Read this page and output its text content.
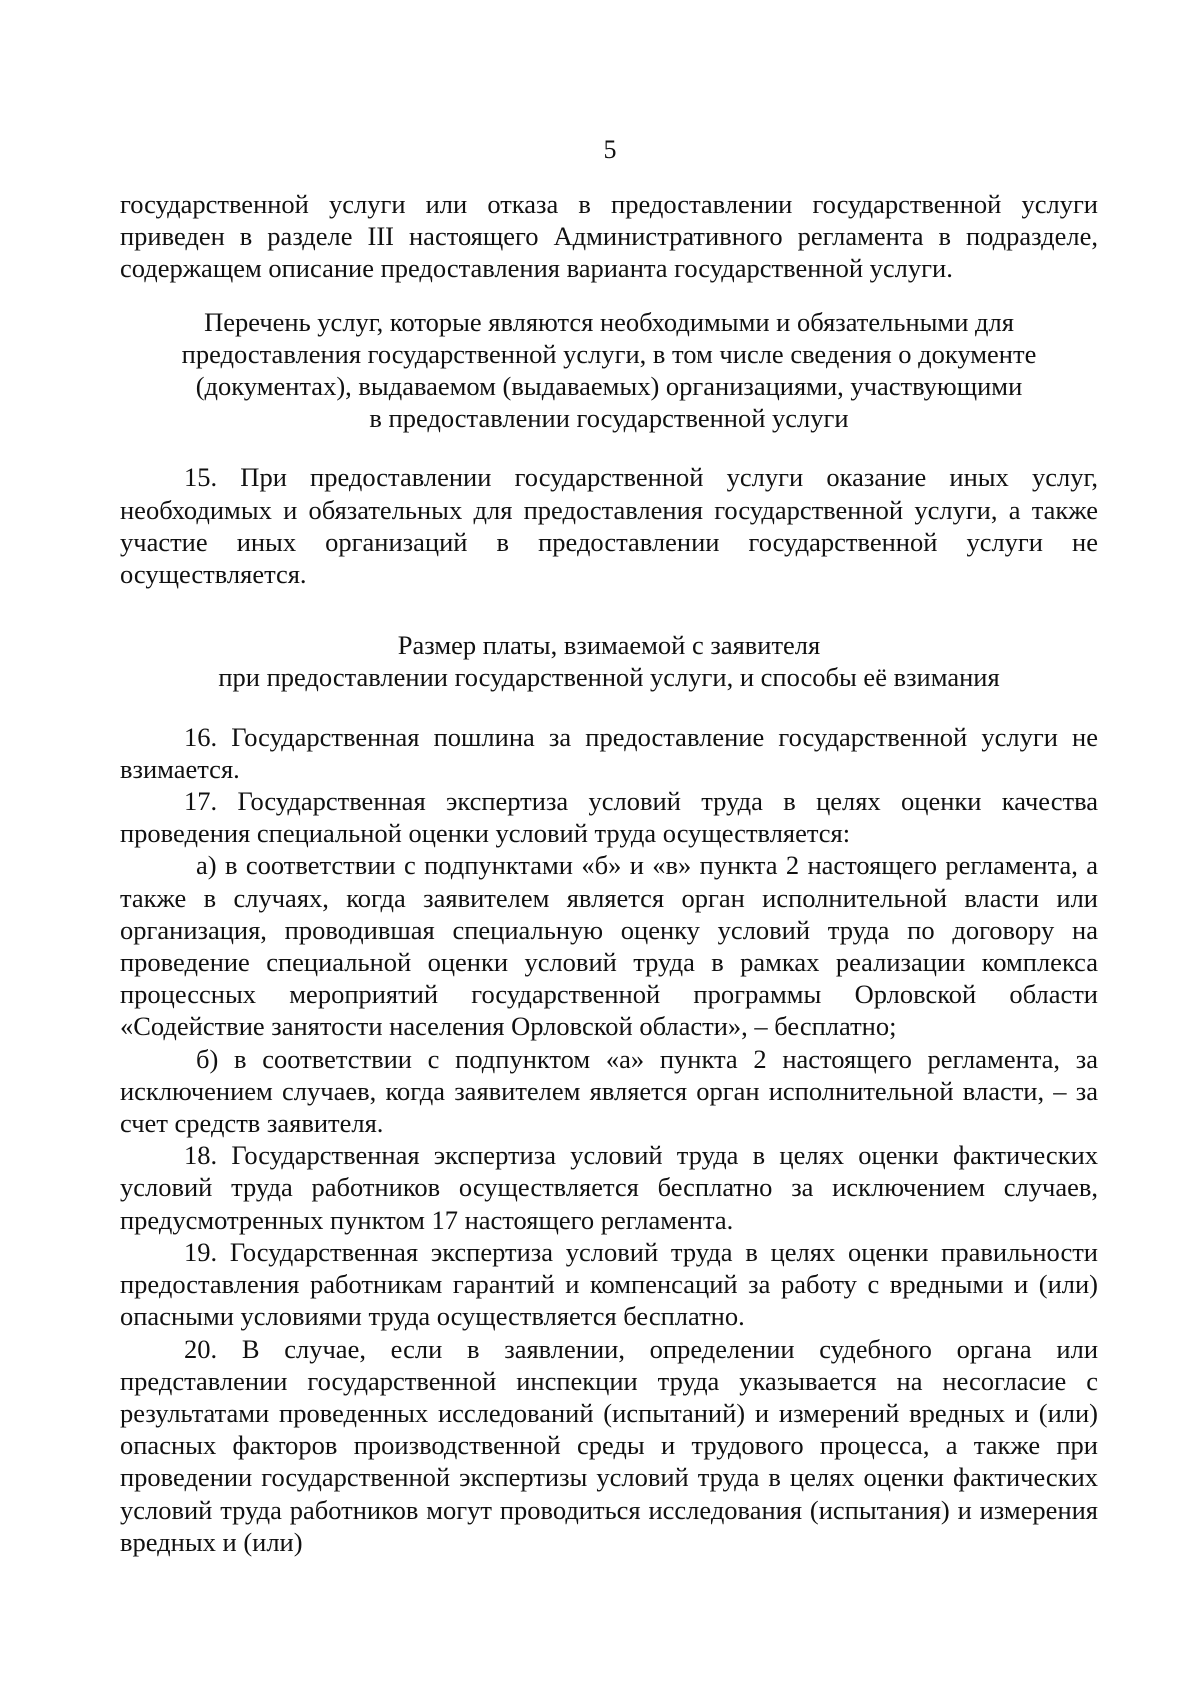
5

государственной услуги или отказа в предоставлении государственной услуги приведен в разделе III настоящего Административного регламента в подразделе, содержащем описание предоставления варианта государственной услуги.

Перечень услуг, которые являются необходимыми и обязательными для
предоставления государственной услуги, в том числе сведения о документе
(документах), выдаваемом (выдаваемых) организациями, участвующими
в предоставлении государственной услуги

15. При предоставлении государственной услуги оказание иных услуг, необходимых и обязательных для предоставления государственной услуги, а также участие иных организаций в предоставлении государственной услуги не осуществляется.

Размер платы, взимаемой с заявителя
при предоставлении государственной услуги, и способы её взимания

16. Государственная пошлина за предоставление государственной услуги не взимается.

17. Государственная экспертиза условий труда в целях оценки качества проведения специальной оценки условий труда осуществляется:

а) в соответствии с подпунктами «б» и «в» пункта 2 настоящего регламента, а также в случаях, когда заявителем является орган исполнительной власти или организация, проводившая специальную оценку условий труда по договору на проведение специальной оценки условий труда в рамках реализации комплекса процессных мероприятий государственной программы Орловской области «Содействие занятости населения Орловской области», – бесплатно;

б) в соответствии с подпунктом «а» пункта 2 настоящего регламента, за исключением случаев, когда заявителем является орган исполнительной власти, – за счет средств заявителя.

18. Государственная экспертиза условий труда в целях оценки фактических условий труда работников осуществляется бесплатно за исключением случаев, предусмотренных пунктом 17 настоящего регламента.

19. Государственная экспертиза условий труда в целях оценки правильности предоставления работникам гарантий и компенсаций за работу с вредными и (или) опасными условиями труда осуществляется бесплатно.

20. В случае, если в заявлении, определении судебного органа или представлении государственной инспекции труда указывается на несогласие с результатами проведенных исследований (испытаний) и измерений вредных и (или) опасных факторов производственной среды и трудового процесса, а также при проведении государственной экспертизы условий труда в целях оценки фактических условий труда работников могут проводиться исследования (испытания) и измерения вредных и (или)
